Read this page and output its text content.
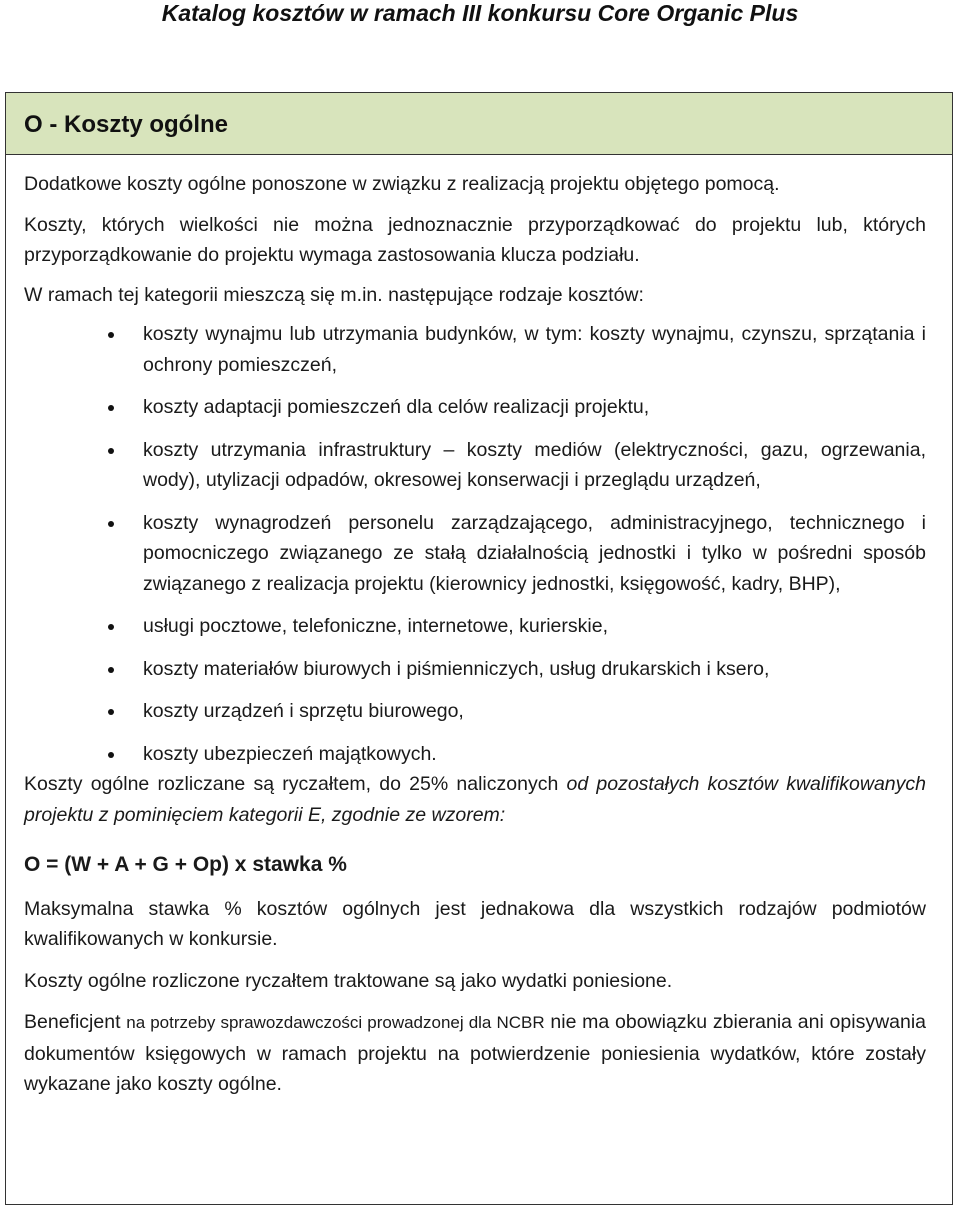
Katalog kosztów w ramach III konkursu Core Organic Plus
O - Koszty ogólne

Dodatkowe koszty ogólne ponoszone w związku z realizacją projektu objętego pomocą.

Koszty, których wielkości nie można jednoznacznie przyporządkować do projektu lub, których przyporządkowanie do projektu wymaga zastosowania klucza podziału.

W ramach tej kategorii mieszczą się m.in. następujące rodzaje kosztów:

koszty wynajmu lub utrzymania budynków, w tym: koszty wynajmu, czynszu, sprzątania i ochrony pomieszczeń,
koszty adaptacji pomieszczeń dla celów realizacji projektu,
koszty utrzymania infrastruktury – koszty mediów (elektryczności, gazu, ogrzewania, wody), utylizacji odpadów, okresowej konserwacji i przeglądu urządzeń,
koszty wynagrodzeń personelu zarządzającego, administracyjnego, technicznego i pomocniczego związanego ze stałą działalnością jednostki i tylko w pośredni sposób związanego z realizacja projektu (kierownicy jednostki, księgowość, kadry, BHP),
usługi pocztowe, telefoniczne, internetowe, kurierskie,
koszty materiałów biurowych i piśmienniczych, usług drukarskich i ksero,
koszty urządzeń i sprzętu biurowego,
koszty ubezpieczeń majątkowych.

Koszty ogólne rozliczane są ryczałtem, do 25% naliczonych od pozostałych kosztów kwalifikowanych projektu z pominięciem kategorii E, zgodnie ze wzorem:

O = (W + A + G + Op) x stawka %

Maksymalna stawka % kosztów ogólnych jest jednakowa dla wszystkich rodzajów podmiotów kwalifikowanych w konkursie.

Koszty ogólne rozliczone ryczałtem traktowane są jako wydatki poniesione.

Beneficjent na potrzeby sprawozdawczości prowadzonej dla NCBR nie ma obowiązku zbierania ani opisywania dokumentów księgowych w ramach projektu na potwierdzenie poniesienia wydatków, które zostały wykazane jako koszty ogólne.
